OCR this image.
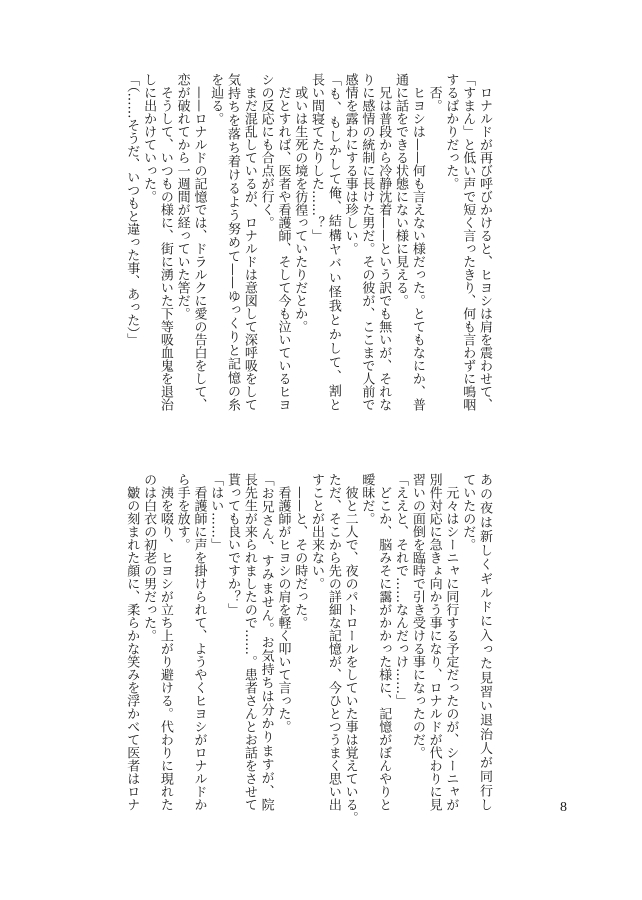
　ロナルドが再び呼びかけると、ヒヨシは肩を震わせて、
「すまん」と低い声で短く言ったきり、何も言わずに鳴咽
するばかりだった。
　否。
　ヒヨシは——何も言えない様だった。とてもなにか、普
通に話をできる状態にない様に見える。
　兄は普段から冷静沈着——という訳でも無いが、それな
りに感情の統制に長けた男だ。その彼が、ここまで人前で
感情を露わにする事は珍しい。
「も、もしかして俺、結構ヤバい怪我とかして、割と
長い間寝てたりした……？」
　或いは生死の境を彷徨っていたりだとか。
　だとすれば、医者や看護師、そして今も泣いているヒヨ
シの反応にも合点が行く。
　まだ混乱しているが、ロナルドは意図して深呼吸をして
気持ちを落ち着けるよう努めて——ゆっくりと記憶の糸
を辿る。
　——ロナルドの記憶では、ドラルクに愛の告白をして、
恋が破れてから一週間が経っていた筈だ。
　そうして、いつもの様に、街に湧いた下等吸血鬼を退治
しに出かけていった。
「（……そうだ、いつもと違った事、あった）」
あの夜は新しくギルドに入った見習い退治人が同行し
ていたのだ。
　元々はシーニャに同行する予定だったのが、シーニャが
別件対応に急きょ向かう事になり、ロナルドが代わりに見
習いの面倒を臨時で引き受ける事になったのだ。
「ええと、それで……なんだっけ……」
　どこか、脳みそに靄がかかった様に、記憶がぼんやりと
曖昧だ。
　彼と二人で、夜のパトロールをしていた事は覚えている。
ただ、そこから先の詳細な記憶が、今ひとつうまく思い出
すことが出来ない。
　——と、その時だった。
　看護師がヒヨシの肩を軽く叩いて言った。
「お兄さん、すみません。お気持ちは分かりますが、院
長先生が来られましたので……。患者さんとお話をさせて
貰っても良いですか？」
「はい……」
　看護師に声を掛けられて、ようやくヒヨシがロナルドか
ら手を放す。
　洟を啜り、ヒヨシが立ち上がり避ける。代わりに現れた
のは白衣の初老の男だった。
　皺の刻まれた顔に、柔らかな笑みを浮かべて医者はロナ	8
